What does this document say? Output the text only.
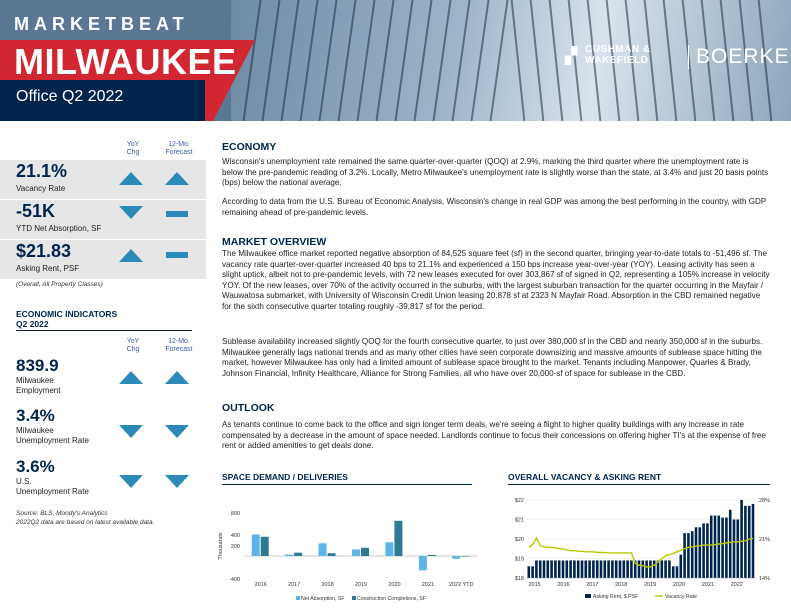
MARKETBEAT
MILWAUKEE
Office Q2 2022
▞ CUSHMAN &
WAKEFIELD	BOERKE
YoY
Chg
12-Mo.
Forecast
21.1%
Vacancy Rate
-51K
YTD Net Absorption, SF
$21.83
Asking Rent, PSF
(Overall, All Property Classes)
ECONOMIC INDICATORS
Q2 2022
YoY
Chg
12-Mo.
Forecast
839.9
Milwaukee
Employment
3.4%
Milwaukee
Unemployment Rate
3.6%
U.S.
Unemployment Rate
Source: BLS, Moody's Analytics
2022Q2 data are based on latest available data.
ECONOMY
Wisconsin's unemployment rate remained the same quarter-over-quarter (QOQ) at 2.9%, marking the third quarter where the unemployment rate is below the pre-pandemic reading of 3.2%. Locally, Metro Milwaukee's unemployment rate is slightly worse than the state, at 3.4% and just 20 basis points (bps) below the national average.
According to data from the U.S. Bureau of Economic Analysis, Wisconsin's change in real GDP was among the best performing in the country, with GDP remaining ahead of pre-pandemic levels.
MARKET OVERVIEW
The Milwaukee office market reported negative absorption of 84,525 square feet (sf) in the second quarter, bringing year-to-date totals to -51,496 sf. The vacancy rate quarter-over-quarter increased 40 bps to 21.1% and experienced a 150 bps increase year-over-year (YOY). Leasing activity has seen a slight uptick, albeit not to pre-pandemic levels, with 72 new leases executed for over 303,867 sf of signed in Q2, representing a 105% increase in velocity YOY. Of the new leases, over 70% of the activity occurred in the suburbs, with the largest suburban transaction for the quarter occurring in the Mayfair / Wauwatosa submarket, with University of Wisconsin Credit Union leasing 20,878 sf at 2323 N Mayfair Road. Absorption in the CBD remained negative for the sixth consecutive quarter totaling roughly -39,817 sf for the period.
Sublease availability increased slightly QOQ for the fourth consecutive quarter, to just over 380,000 sf in the CBD and nearly 350,000 sf in the suburbs. Milwaukee generally lags national trends and as many other cities have seen corporate downsizing and massive amounts of sublease space hitting the market, however Milwaukee has only had a limited amount of sublease space brought to the market. Tenants including Manpower, Quarles & Brady, Johnson Financial, Infinity Healthcare, Alliance for Strong Families, all who have over 20,000-sf of space for sublease in the CBD.
OUTLOOK
As tenants continue to come back to the office and sign longer term deals, we're seeing a flight to higher quality buildings with any increase in rate compensated by a decrease in the amount of space needed. Landlords continue to focus their concessions on offering higher TI's at the expense of free rent or added amenities to get deals done.
SPACE DEMAND / DELIVERIES	OVERALL VACANCY & ASKING RENT
800
400
200
-400
Thousands
2016	2017	2018	2019	2020	2021	2022 YTD
Net Absorption, SF Construction Completions, SF
$22
$21
$20
$19
$18
28%
21%
14%
2015	2016	2017	2018	2019	2020	2021	2022
Asking Rent, $ PSF	Vacancy Rate
